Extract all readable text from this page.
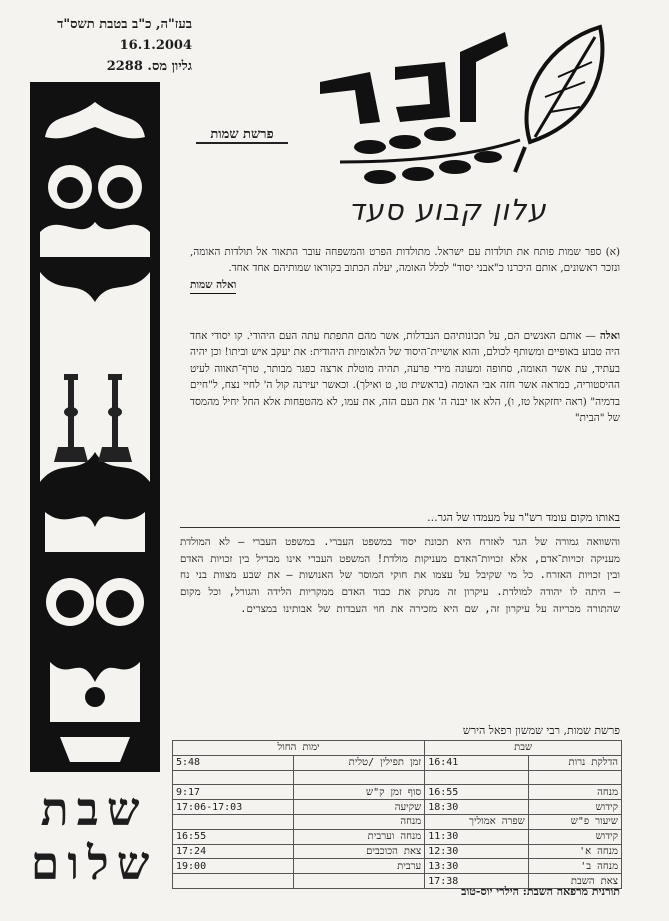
בעז"ה, כ"ב בטבת תשס"ד
16.1.2004
גליון מס. 2288
עלים
עלון קבוע סעד
פרשת שמות
שבת
שלום
(א) ספר שמות פותח את תולדות עם ישראל. מתולדות הפרט והמשפחה עובר התאור אל תולדות האומה, ונזכר ראשונים, אותם היכרנו כ"אבני יסוד" לכלל האומה, יעלה הכתוב בקוראו שמותיהם אחד אחד.
ואלה שמות
ואלה — אותם האנשים הם, על תכונותיהם הנבדלות, אשר מהם התפתח עתה העם היהודי. קו יסודי אחד היה טבוע באופיים ומשותף לכולם, והוא אושיית־היסוד של הלאומיות היהודית: את יעקב איש וביתו! וכן יהיה בעתיד, עת אשר האומה, סחופה ומעונה מידי פרעה, תהיה מוטלת ארצה כפגר מבותר, טרף־תאווה לעיט ההיסטוריה, כמראה אשר חזה אבי האומה (בראשית טו, ט ואילך). וכאשר יעירנה קול ה' לחיי נצח, ל"חיים בדמיה" (ראה יחזקאל טז, ו), הלא או יבנה ה' את העם הזה, את עמו, לא מהטפחות אלא החל יחיל מהמסד של "הבית"
באותו מקום עומד רש"ר על מעמדו של הגר...
והשוואה גמורה של הגר לאזרח היא תכונת יסוד במשפט העברי. במשפט העברי — לא המולדת מעניקה זכויות־אדם, אלא זכויות־האדם מעניקות מולדת! המשפט העברי אינו מבדיל בין זכויות האדם ובין זכויות האזרח. כל מי שקיבל על עצמו את חוקי המוסר של האנושות — את שבע מצוות בני נח — היתה לו יהודה למולדת. עיקרון זה מנתק את כבוד האדם ממקריות הלידה והגורל, וכל מקום שהתורה מכריזה על עיקרון זה, שם היא מזכירה את חוי העבדות של אבותינו במצרים.
פרשת שמות, רבי שמשון רפאל הירש
שבת		ימות החול	
הדלקת נרות	16:41	זמן תפילין /טלית	5:48

מנחה	16:55	סוף זמן ק"ש	9:17
קידוש	18:30	שקיעה	17:06-17:03
שיעור פ"ש	שפרה אמוליך	מנחה	
קידוש	11:30	מנחה וערבית	16:55
מנחה א'	12:30	צאת הכוכבים	17:24
מנחה ב'	13:30	ערבית	19:00
צאת השבת	17:38		
תורנית מרפאה השבת: הילרי יוס-טוב
